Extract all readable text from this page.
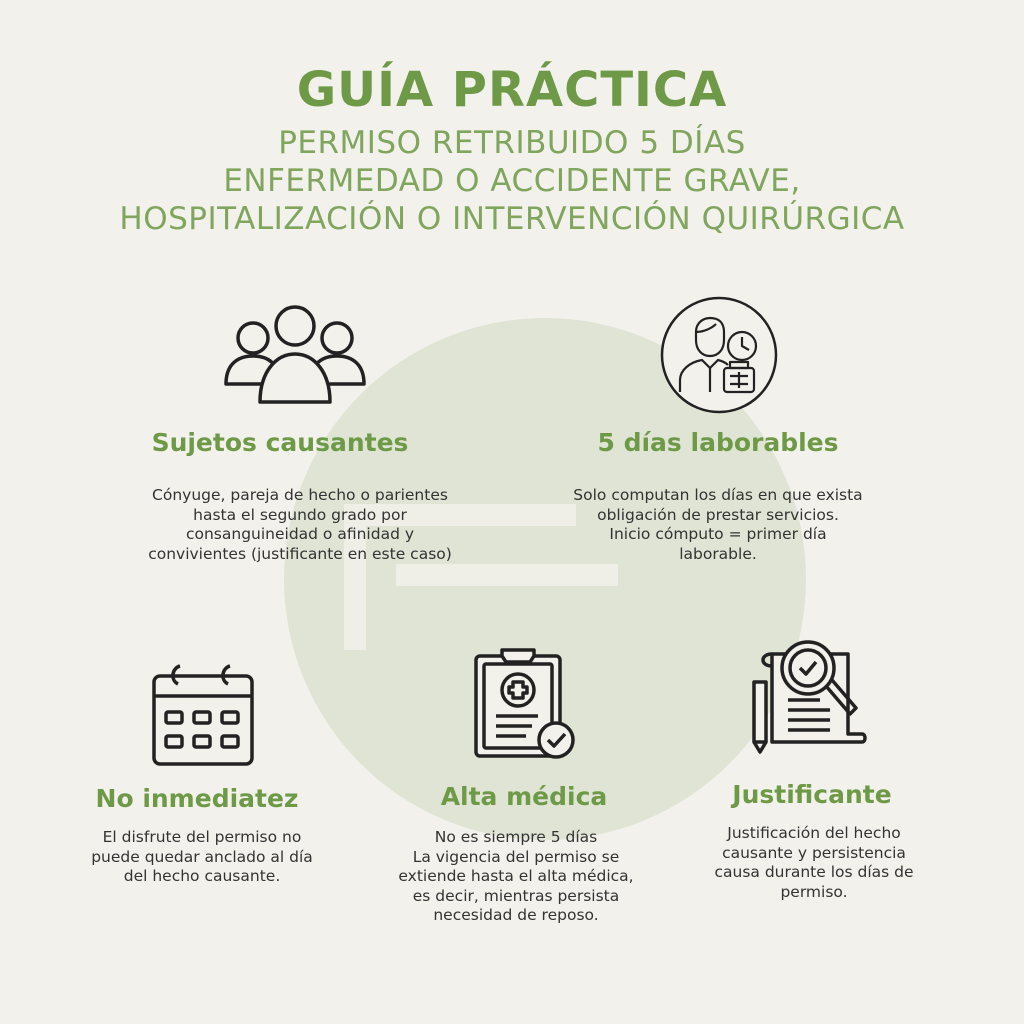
GUÍA PRÁCTICA
PERMISO RETRIBUIDO 5 DÍAS
ENFERMEDAD O ACCIDENTE GRAVE,
HOSPITALIZACIÓN O INTERVENCIÓN QUIRÚRGICA
Sujetos causantes
Cónyuge, pareja de hecho o parientes
hasta el segundo grado por
consanguineidad o afinidad y
convivientes (justificante en este caso)
5 días laborables
Solo computan los días en que exista
obligación de prestar servicios.
Inicio cómputo = primer día
laborable.
No inmediatez
El disfrute del permiso no
puede quedar anclado al día
del hecho causante.
Alta médica
No es siempre 5 días
La vigencia del permiso se
extiende hasta el alta médica,
es decir, mientras persista
necesidad de reposo.
Justificante
Justificación del hecho
causante y persistencia
causa durante los días de
permiso.
